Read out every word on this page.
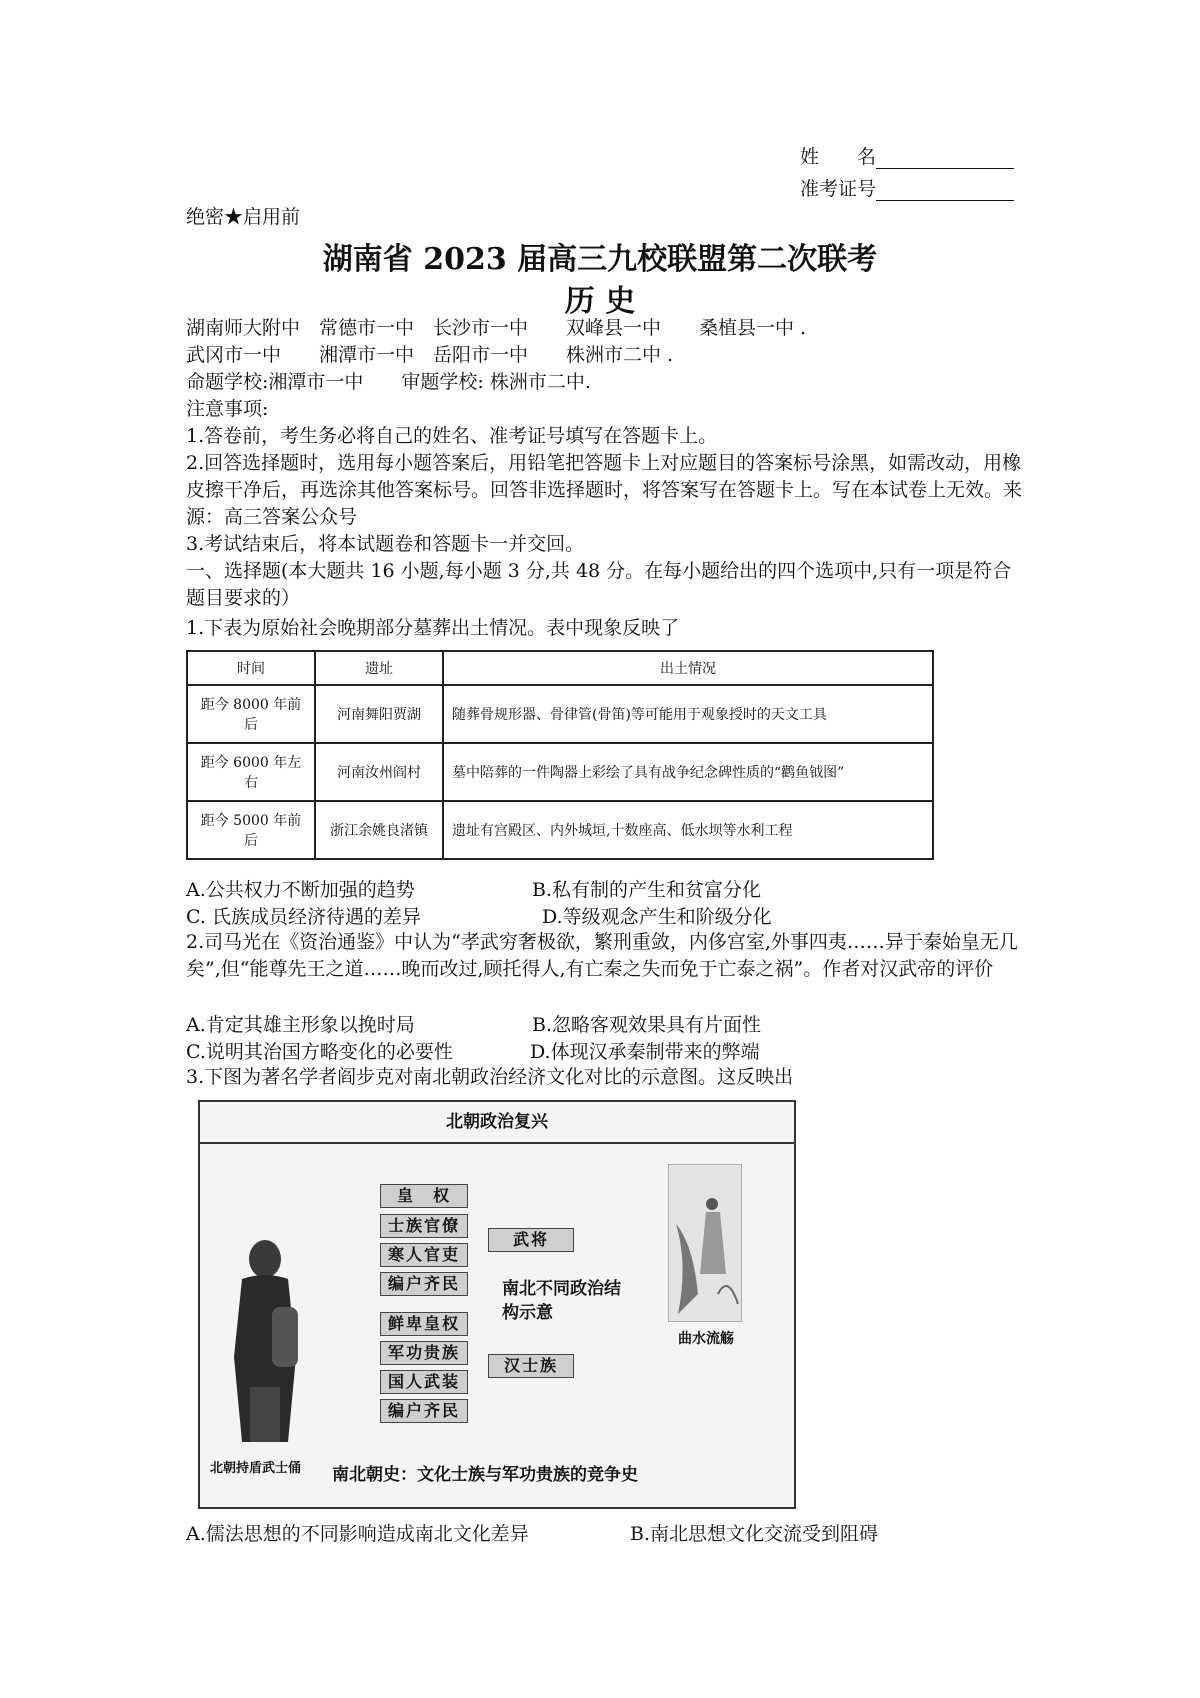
姓　　名
准考证号
绝密★启用前
湖南省 2023 届高三九校联盟第二次联考
历 史
湖南师大附中　常德市一中　长沙市一中　　双峰县一中　　桑植县一中 .
武冈市一中　　湘潭市一中　岳阳市一中　　株洲市二中 .
命题学校:湘潭市一中　　审题学校: 株洲市二中.
注意事项:
1.答卷前，考生务必将自己的姓名、准考证号填写在答题卡上。
2.回答选择题时，选用每小题答案后，用铅笔把答题卡上对应题目的答案标号涂黑，如需改动，用橡皮擦干净后，再选涂其他答案标号。回答非选择题时，将答案写在答题卡上。写在本试卷上无效。来源：高三答案公众号
3.考试结束后，将本试题卷和答题卡一并交回。
一、选择题(本大题共 16 小题,每小题 3 分,共 48 分。在每小题给出的四个选项中,只有一项是符合题目要求的）
1.下表为原始社会晚期部分墓葬出土情况。表中现象反映了
时间	遗址	出土情况
距今 8000 年前后	河南舞阳贾湖	随葬骨规形器、骨律管(骨笛)等可能用于观象授时的天文工具
距今 6000 年左右	河南汝州阎村	墓中陪葬的一件陶器上彩绘了具有战争纪念碑性质的“鹳鱼钺图”
距今 5000 年前后	浙江余姚良渚镇	遗址有宫殿区、内外城垣,十数座高、低水坝等水利工程
A.公共权力不断加强的趋势	B.私有制的产生和贫富分化
C. 氏族成员经济待遇的差异	D.等级观念产生和阶级分化
2.司马光在《资治通鉴》中认为“孝武穷奢极欲，繁刑重敛，内侈宫室,外事四夷……异于秦始皇无几矣”,但“能尊先王之道……晚而改过,顾托得人,有亡秦之失而免于亡泰之祸”。作者对汉武帝的评价
A.肯定其雄主形象以挽时局	B.忽略客观效果具有片面性
C.说明其治国方略变化的必要性	D.体现汉承秦制带来的弊端
3.下图为著名学者阎步克对南北朝政治经济文化对比的示意图。这反映出
北朝政治复兴
北朝持盾武士俑
皇　权
士族官僚
寒人官吏
编户齐民
武将
南北不同政治结构示意
鲜卑皇权
军功贵族
国人武装
编户齐民
汉士族
曲水流觞
南北朝史：文化士族与军功贵族的竞争史
A.儒法思想的不同影响造成南北文化差异	B.南北思想文化交流受到阻碍
